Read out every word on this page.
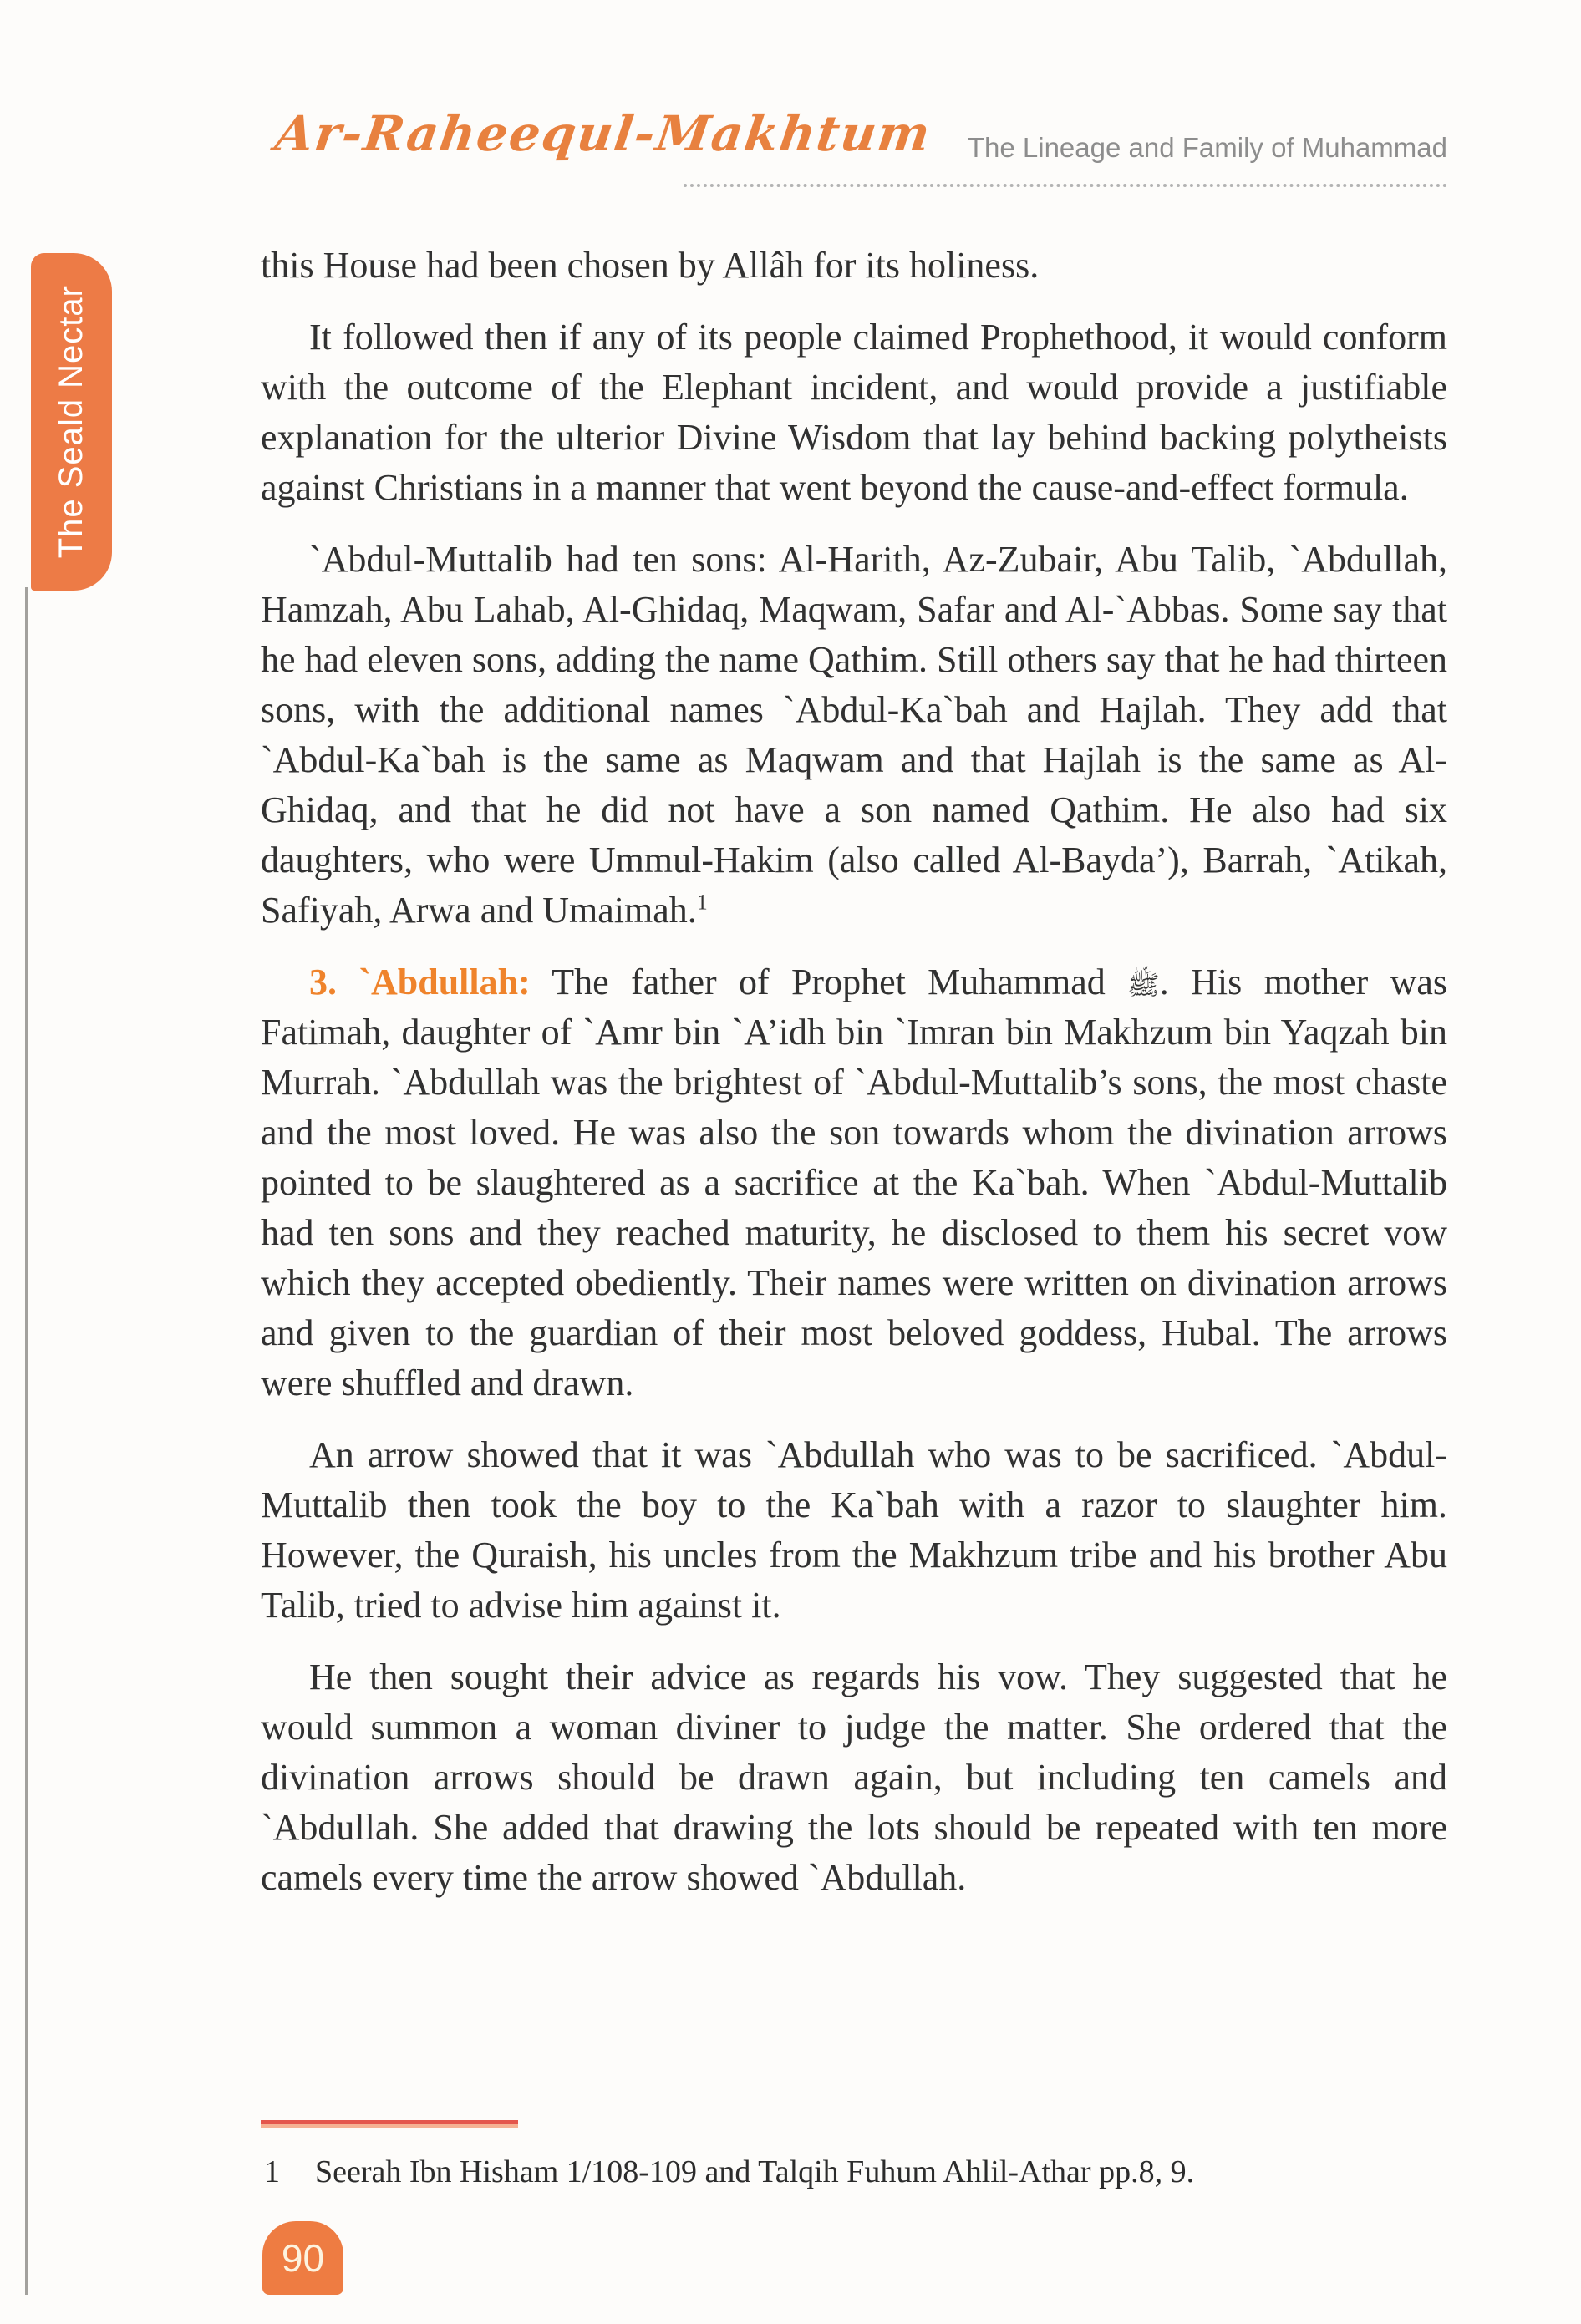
Ar-Raheequl-Makhtum	The Lineage and Family of Muhammad
The Seald Nectar

this House had been chosen by Allâh for its holiness.

It followed then if any of its people claimed Prophethood, it would conform with the outcome of the Elephant incident, and would provide a justifiable explanation for the ulterior Divine Wisdom that lay behind backing polytheists against Christians in a manner that went beyond the cause-and-effect formula.

`Abdul-Muttalib had ten sons: Al-Harith, Az-Zubair, Abu Talib, `Abdullah, Hamzah, Abu Lahab, Al-Ghidaq, Maqwam, Safar and Al-`Abbas. Some say that he had eleven sons, adding the name Qathim. Still others say that he had thirteen sons, with the additional names `Abdul-Ka`bah and Hajlah. They add that `Abdul-Ka`bah is the same as Maqwam and that Hajlah is the same as Al-Ghidaq, and that he did not have a son named Qathim. He also had six daughters, who were Ummul-Hakim (also called Al-Bayda’), Barrah, `Atikah, Safiyah, Arwa and Umaimah.$^1$

3. `Abdullah: The father of Prophet Muhammad ﷺ. His mother was Fatimah, daughter of `Amr bin `A’idh bin `Imran bin Makhzum bin Yaqzah bin Murrah. `Abdullah was the brightest of `Abdul-Muttalib’s sons, the most chaste and the most loved. He was also the son towards whom the divination arrows pointed to be slaughtered as a sacrifice at the Ka`bah. When `Abdul-Muttalib had ten sons and they reached maturity, he disclosed to them his secret vow which they accepted obediently. Their names were written on divination arrows and given to the guardian of their most beloved goddess, Hubal. The arrows were shuffled and drawn.

An arrow showed that it was `Abdullah who was to be sacrificed. `Abdul-Muttalib then took the boy to the Ka`bah with a razor to slaughter him. However, the Quraish, his uncles from the Makhzum tribe and his brother Abu Talib, tried to advise him against it.

He then sought their advice as regards his vow. They suggested that he would summon a woman diviner to judge the matter. She ordered that the divination arrows should be drawn again, but including ten camels and `Abdullah. She added that drawing the lots should be repeated with ten more camels every time the arrow showed `Abdullah.

1 Seerah Ibn Hisham 1/108-109 and Talqih Fuhum Ahlil-Athar pp.8, 9.
90
